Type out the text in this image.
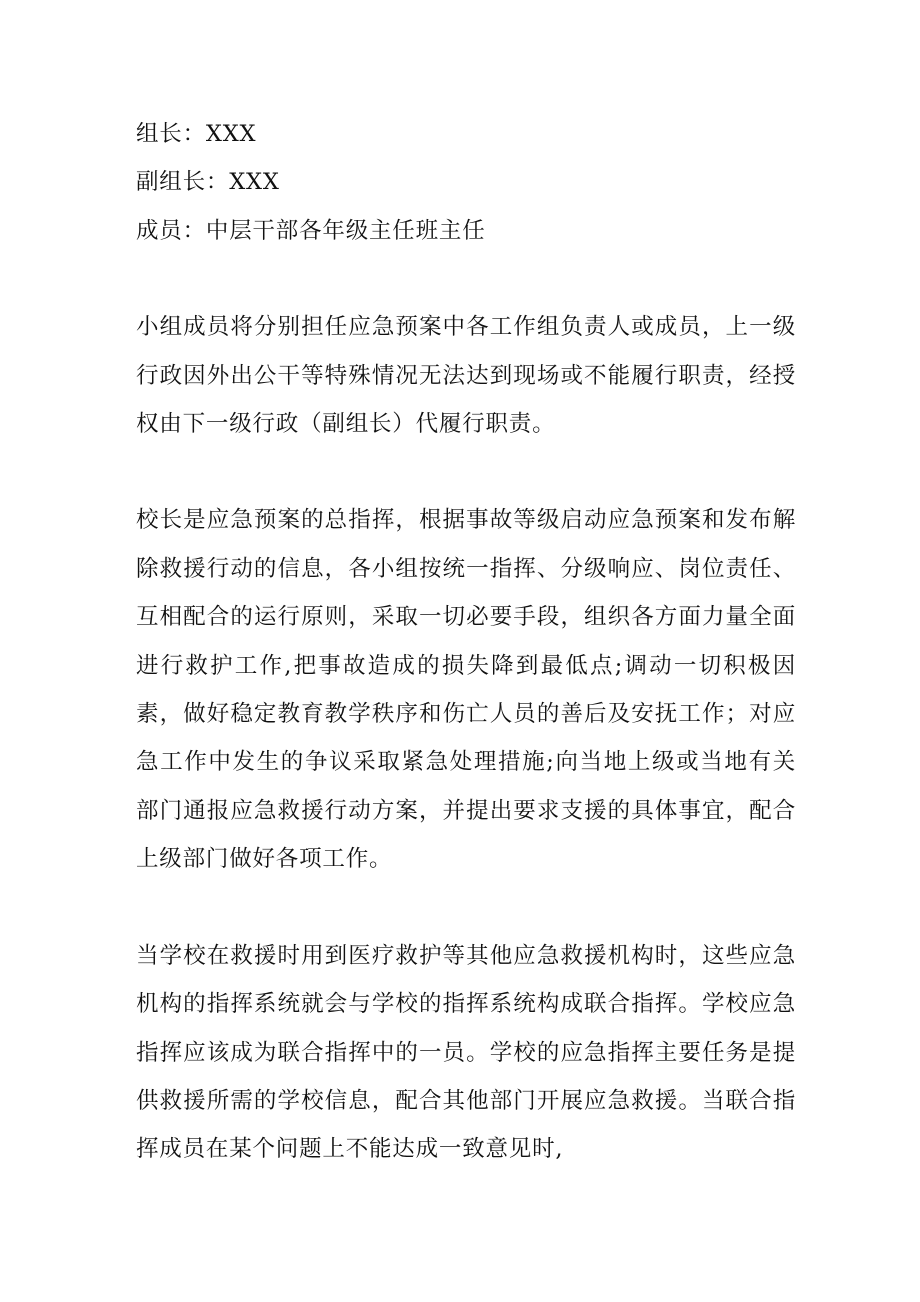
组长：XXX

副组长：XXX

成员：中层干部各年级主任班主任

小组成员将分别担任应急预案中各工作组负责人或成员，上一级行政因外出公干等特殊情况无法达到现场或不能履行职责，经授权由下一级行政（副组长）代履行职责。

校长是应急预案的总指挥，根据事故等级启动应急预案和发布解除救援行动的信息，各小组按统一指挥、分级响应、岗位责任、互相配合的运行原则，采取一切必要手段，组织各方面力量全面进行救护工作,把事故造成的损失降到最低点;调动一切积极因素，做好稳定教育教学秩序和伤亡人员的善后及安抚工作；对应急工作中发生的争议采取紧急处理措施;向当地上级或当地有关部门通报应急救援行动方案，并提出要求支援的具体事宜，配合上级部门做好各项工作。

当学校在救援时用到医疗救护等其他应急救援机构时，这些应急机构的指挥系统就会与学校的指挥系统构成联合指挥。学校应急指挥应该成为联合指挥中的一员。学校的应急指挥主要任务是提供救援所需的学校信息，配合其他部门开展应急救援。当联合指挥成员在某个问题上不能达成一致意见时,
